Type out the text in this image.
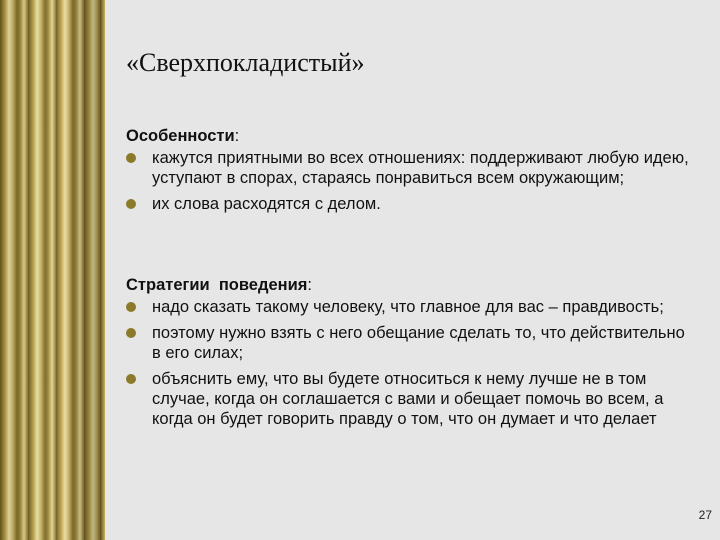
«Сверхпокладистый»
Особенности:
кажутся приятными во всех отношениях: поддерживают любую идею, уступают в спорах, стараясь понравиться всем окружающим;
их слова расходятся с делом.
Стратегии  поведения:
надо сказать такому человеку, что главное для вас – правдивость;
поэтому нужно взять с него обещание сделать то, что действительно в его силах;
объяснить ему, что вы будете относиться к нему лучше не в том случае, когда он соглашается с вами и обещает помочь во всем, а когда он будет говорить правду о том, что он думает и что делает
27
